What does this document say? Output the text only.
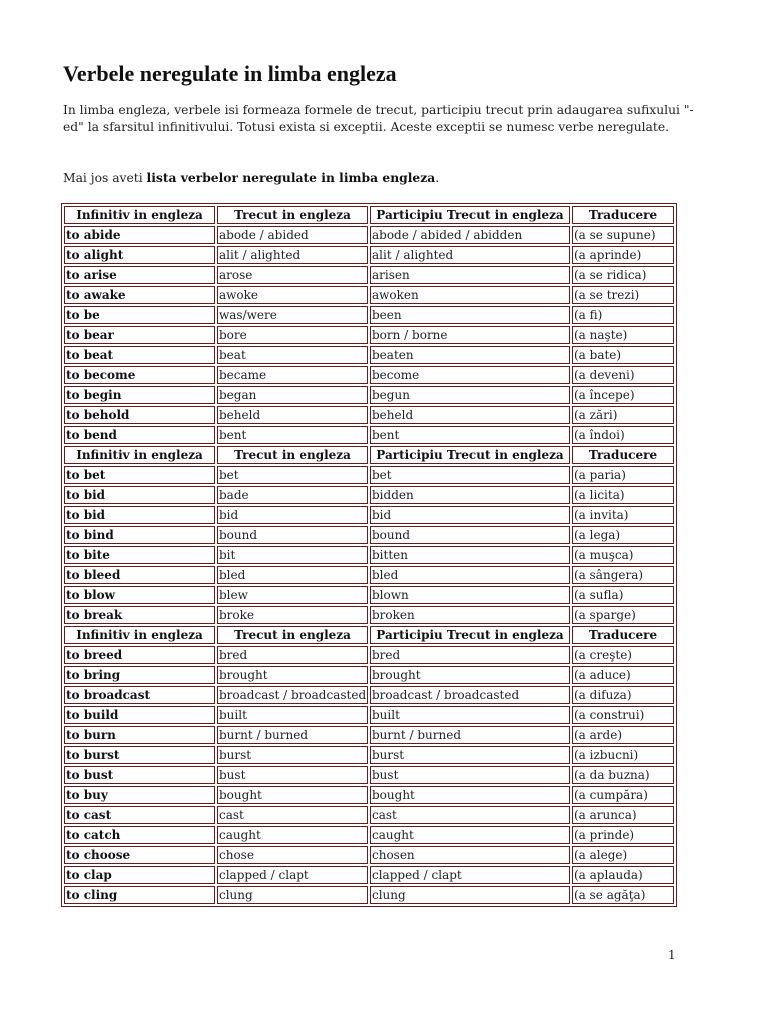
Verbele neregulate in limba engleza

In limba engleza, verbele isi formeaza formele de trecut, participiu trecut prin adaugarea sufixului "-ed" la sfarsitul infinitivului. Totusi exista si exceptii. Aceste exceptii se numesc verbe neregulate.

Mai jos aveti lista verbelor neregulate in limba engleza.

Infinitiv in engleza	Trecut in engleza	Participiu Trecut in engleza	Traducere
to abide	abode / abided	abode / abided / abidden	(a se supune)
to alight	alit / alighted	alit / alighted	(a aprinde)
to arise	arose	arisen	(a se ridica)
to awake	awoke	awoken	(a se trezi)
to be	was/were	been	(a fi)
to bear	bore	born / borne	(a naşte)
to beat	beat	beaten	(a bate)
to become	became	become	(a deveni)
to begin	began	begun	(a începe)
to behold	beheld	beheld	(a zări)
to bend	bent	bent	(a îndoi)
Infinitiv in engleza	Trecut in engleza	Participiu Trecut in engleza	Traducere
to bet	bet	bet	(a paria)
to bid	bade	bidden	(a licita)
to bid	bid	bid	(a invita)
to bind	bound	bound	(a lega)
to bite	bit	bitten	(a muşca)
to bleed	bled	bled	(a sângera)
to blow	blew	blown	(a sufla)
to break	broke	broken	(a sparge)
Infinitiv in engleza	Trecut in engleza	Participiu Trecut in engleza	Traducere
to breed	bred	bred	(a creşte)
to bring	brought	brought	(a aduce)
to broadcast	broadcast / broadcasted	broadcast / broadcasted	(a difuza)
to build	built	built	(a construi)
to burn	burnt / burned	burnt / burned	(a arde)
to burst	burst	burst	(a izbucni)
to bust	bust	bust	(a da buzna)
to buy	bought	bought	(a cumpăra)
to cast	cast	cast	(a arunca)
to catch	caught	caught	(a prinde)
to choose	chose	chosen	(a alege)
to clap	clapped / clapt	clapped / clapt	(a aplauda)
to cling	clung	clung	(a se agăţa)
1
